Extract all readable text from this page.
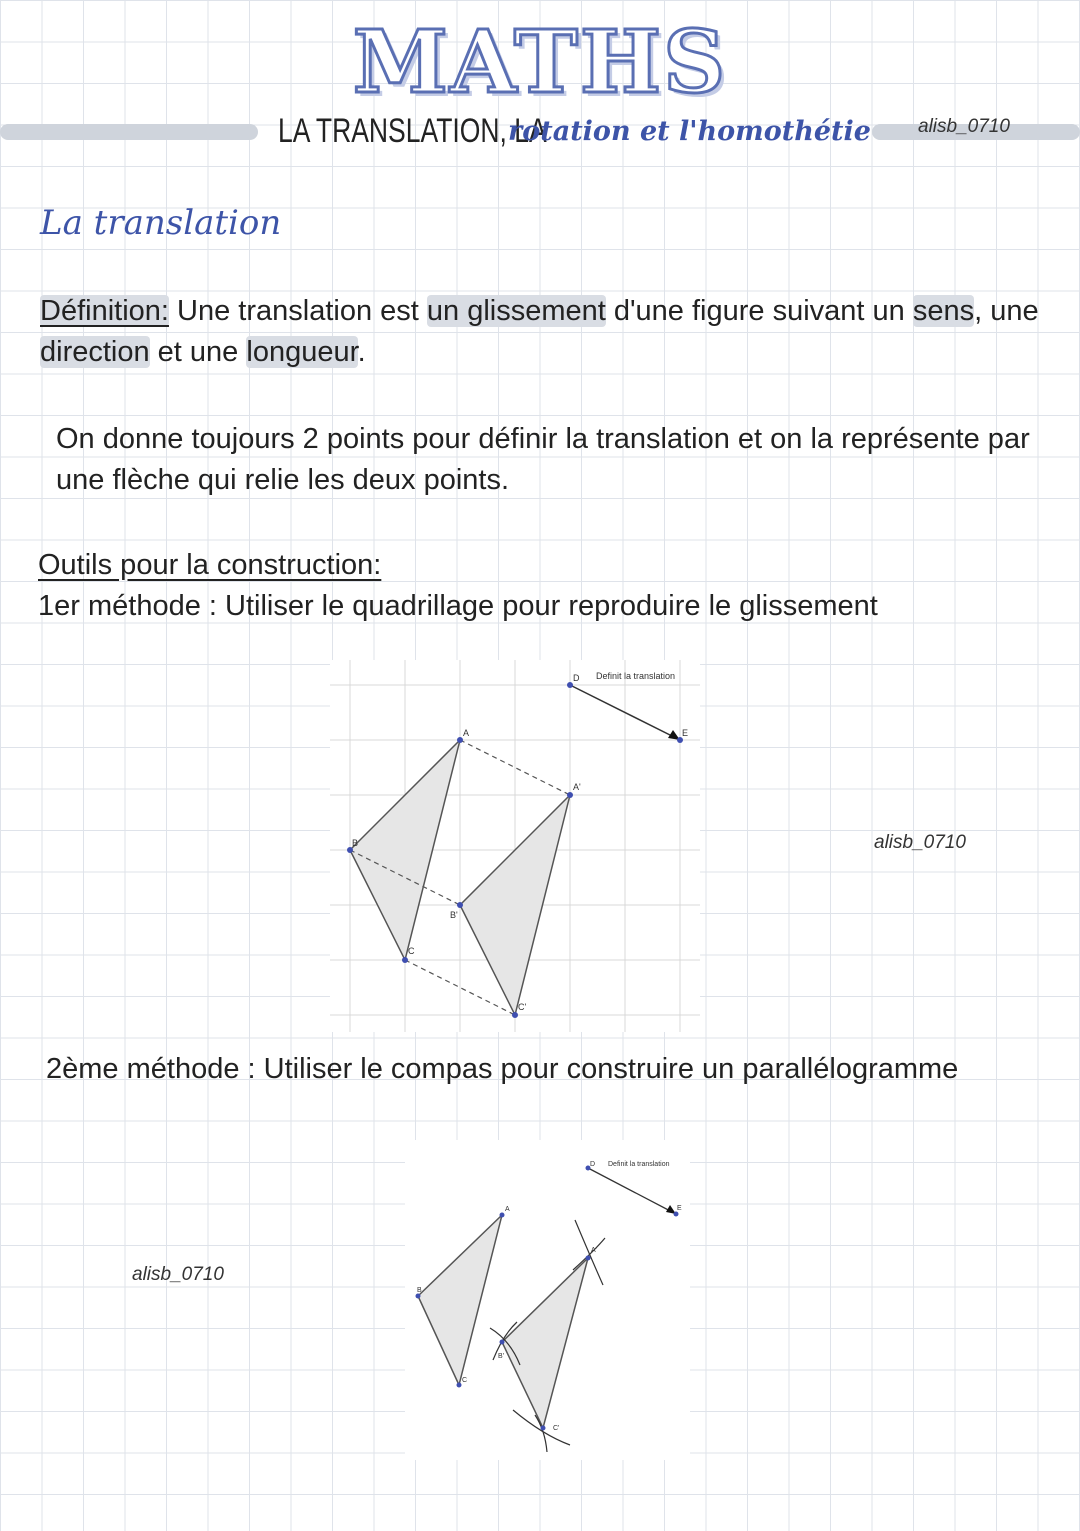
MATHS
LA TRANSLATION, LA
rotation et l'homothétie alisb_0710
La translation
Définition: Une translation est un glissement d'une figure suivant un sens, une
direction et une longueur.
On donne toujours 2 points pour définir la translation et on la représente par
une flèche qui relie les deux points.
Outils pour la construction:
1er méthode : Utiliser le quadrillage pour reproduire le glissement
A
B
C
A'
B'
C'
D
E
Definit la translation
alisb_0710
2ème méthode : Utiliser le compas pour construire un parallélogramme
A
B
C
A'
B'
C'
D
E
Definit la translation
alisb_0710
